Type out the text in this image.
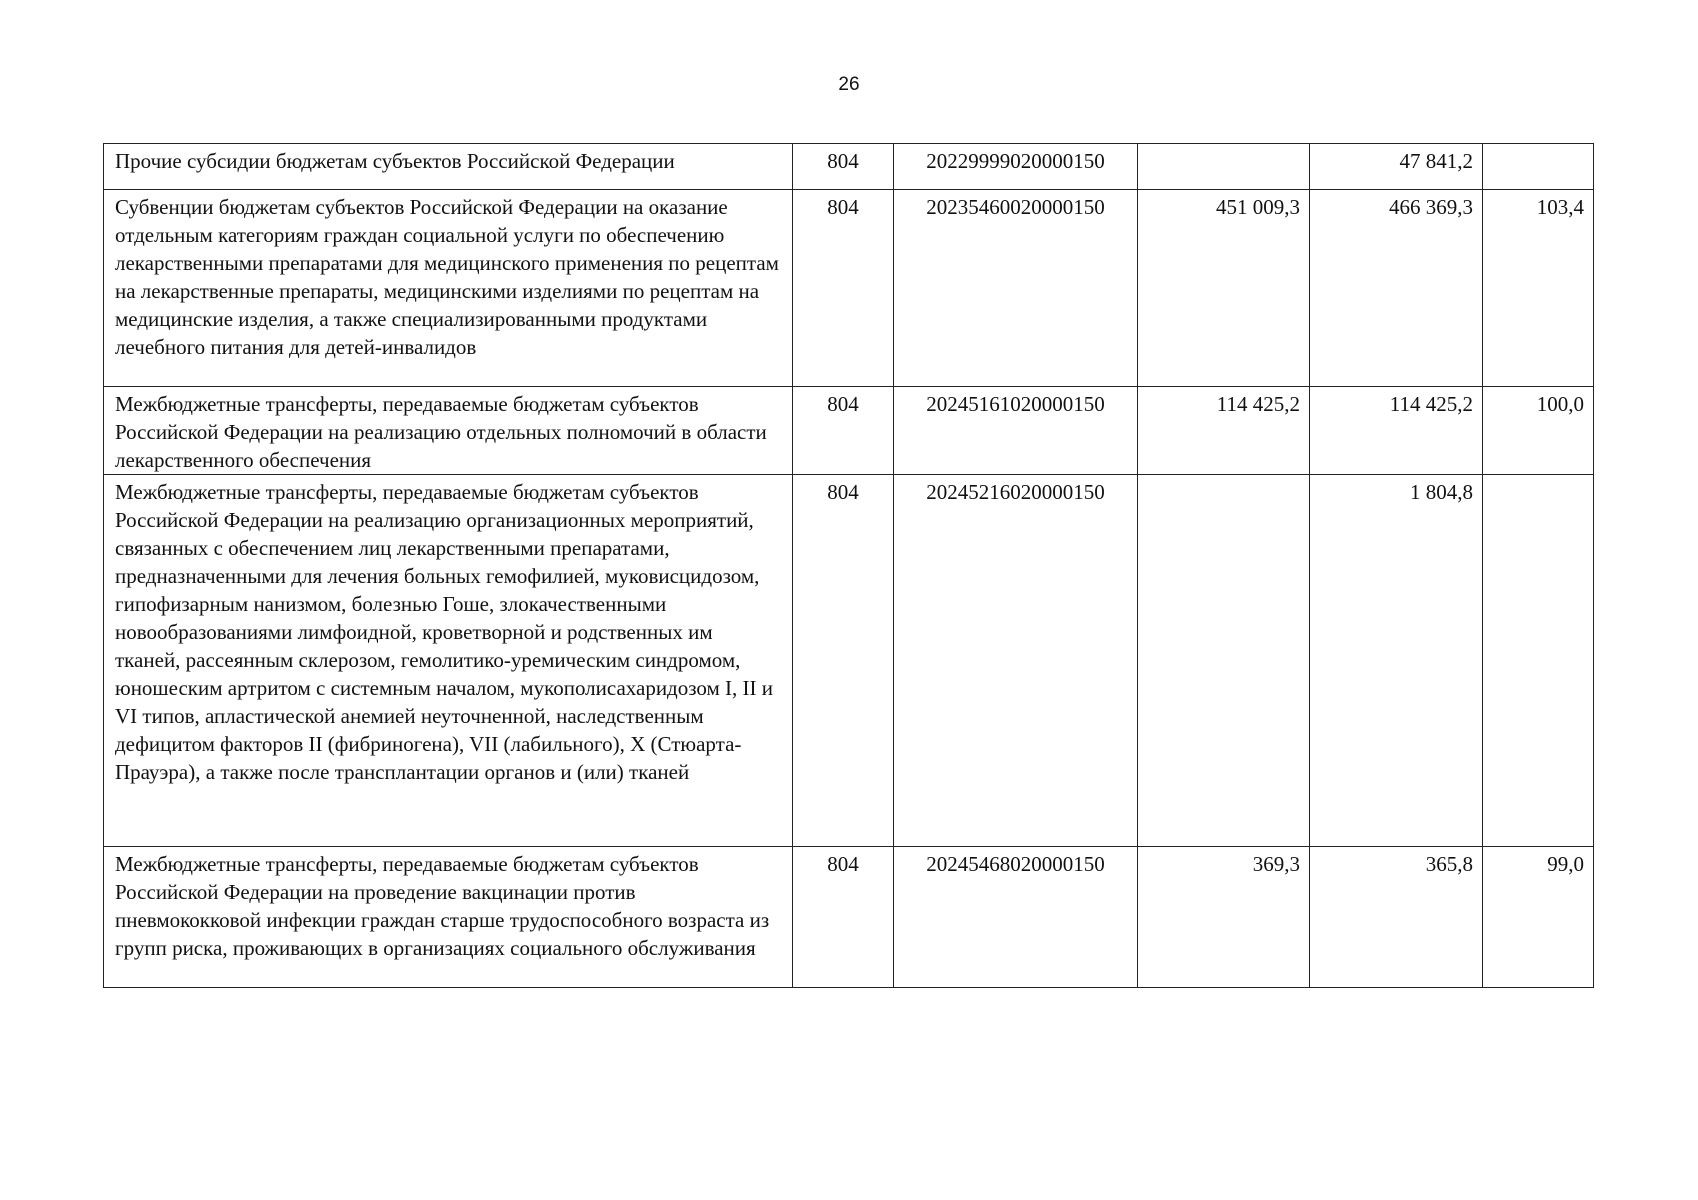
26
Прочие субсидии бюджетам субъектов Российской Федерации	804	20229999020000150		47 841,2	
Субвенции бюджетам субъектов Российской Федерации на оказание отдельным категориям граждан социальной услуги по обеспечению лекарственными препаратами для медицинского применения по рецептам на лекарственные препараты, медицинскими изделиями по рецептам на медицинские изделия, а также специализированными продуктами лечебного питания для детей-инвалидов	804	20235460020000150	451 009,3	466 369,3	103,4
Межбюджетные трансферты, передаваемые бюджетам субъектов Российской Федерации на реализацию отдельных полномочий в области лекарственного обеспечения	804	20245161020000150	114 425,2	114 425,2	100,0
Межбюджетные трансферты, передаваемые бюджетам субъектов Российской Федерации на реализацию организационных мероприятий, связанных с обеспечением лиц лекарственными препаратами, предназначенными для лечения больных гемофилией, муковисцидозом, гипофизарным нанизмом, болезнью Гоше, злокачественными новообразованиями лимфоидной, кроветворной и родственных им тканей, рассеянным склерозом, гемолитико-уремическим синдромом, юношеским артритом с системным началом, мукополисахаридозом I, II и VI типов, апластической анемией неуточненной, наследственным дефицитом факторов II (фибриногена), VII (лабильного), X (Стюарта-Прауэра), а также после трансплантации органов и (или) тканей	804	20245216020000150		1 804,8	
Межбюджетные трансферты, передаваемые бюджетам субъектов Российской Федерации на проведение вакцинации против пневмококковой инфекции граждан старше трудоспособного возраста из групп риска, проживающих в организациях социального обслуживания	804	20245468020000150	369,3	365,8	99,0
